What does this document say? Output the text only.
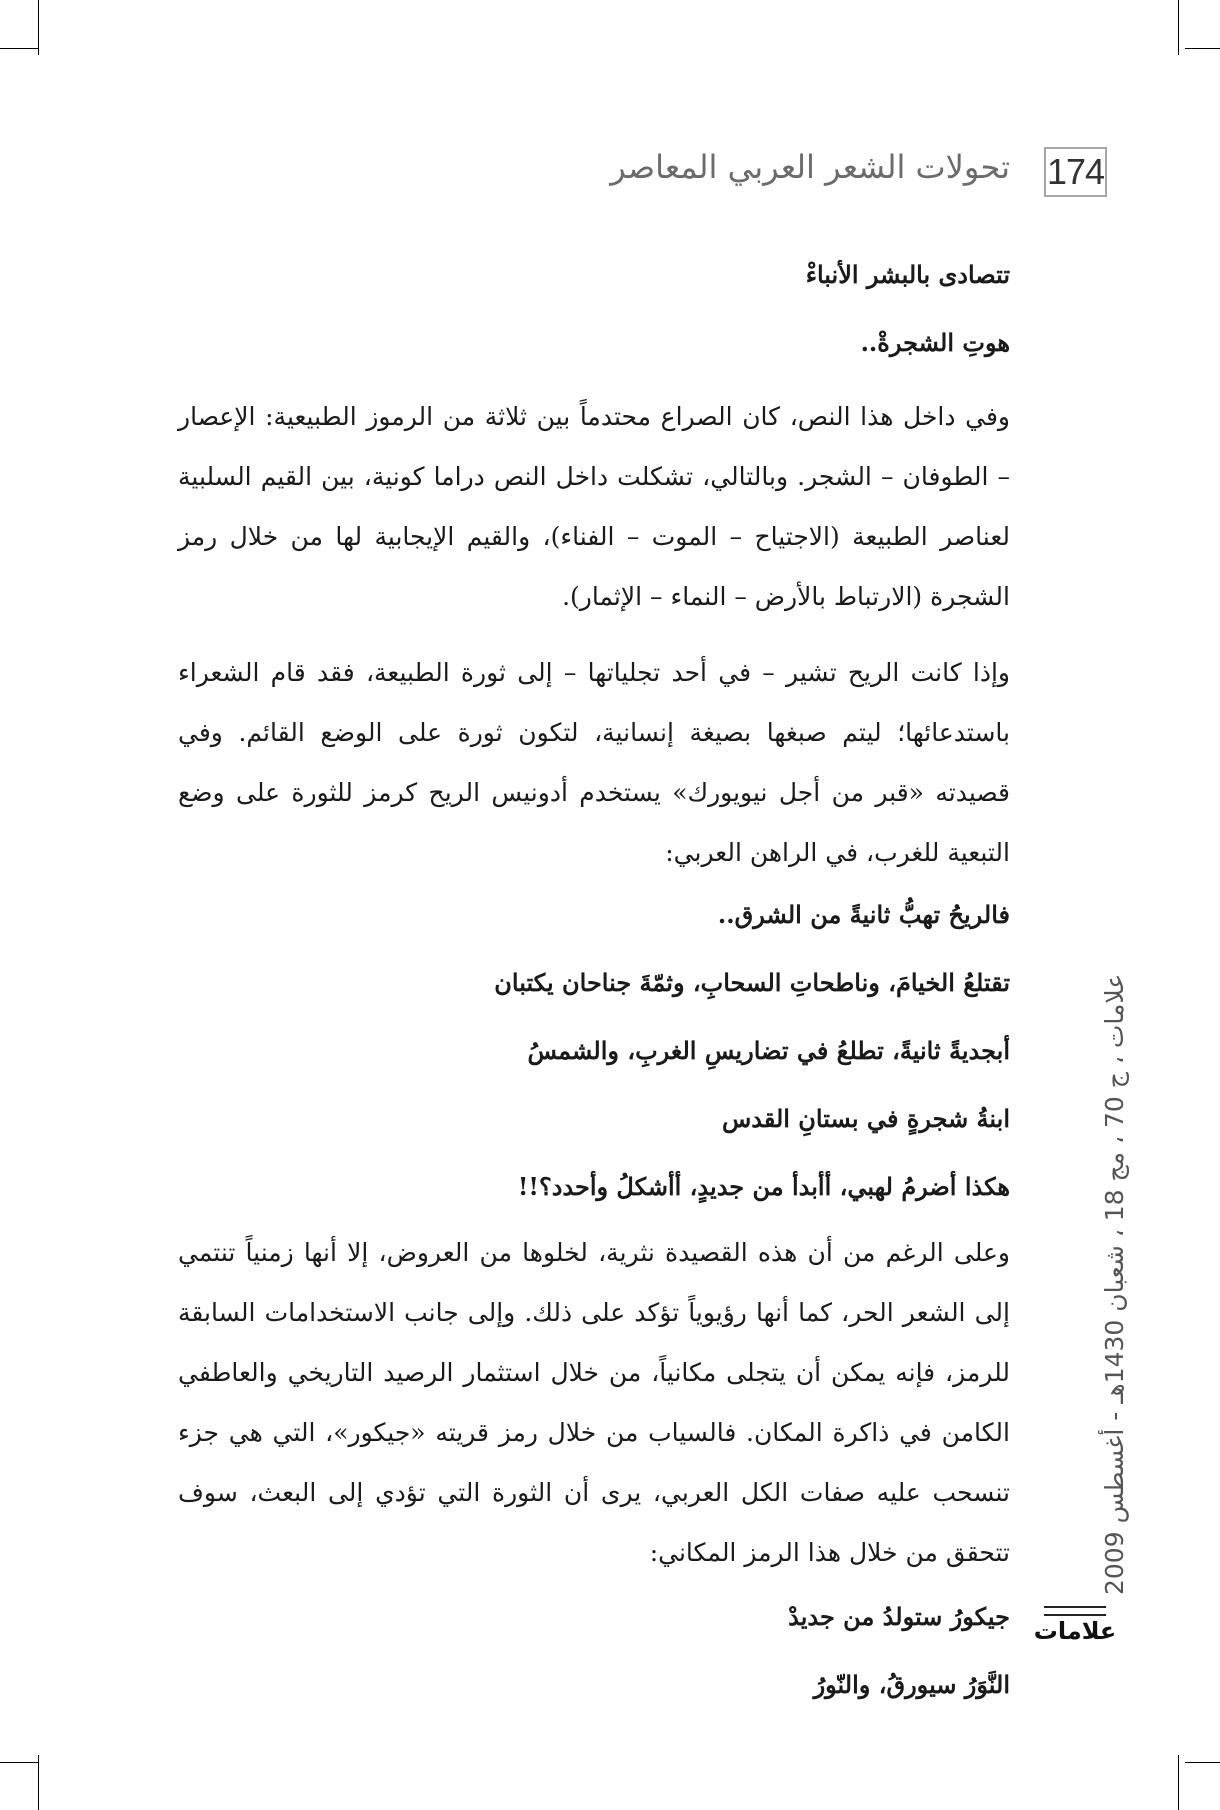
174
تحولات الشعر العربي المعاصر
تتصادى بالبشر الأنباءْ
هوتِ الشجرةْ..
وفي داخل هذا النص، كان الصراع محتدماً بين ثلاثة من الرموز الطبيعية: الإعصار – الطوفان – الشجر. وبالتالي، تشكلت داخل النص دراما كونية، بين القيم السلبية لعناصر الطبيعة (الاجتياح – الموت – الفناء)، والقيم الإيجابية لها من خلال رمز الشجرة (الارتباط بالأرض – النماء – الإثمار).
وإذا كانت الريح تشير – في أحد تجلياتها – إلى ثورة الطبيعة، فقد قام الشعراء باستدعائها؛ ليتم صبغها بصيغة إنسانية، لتكون ثورة على الوضع القائم. وفي قصيدته «قبر من أجل نيويورك» يستخدم أدونيس الريح كرمز للثورة على وضع التبعية للغرب، في الراهن العربي:
فالريحُ تهبُّ ثانيةً من الشرق..
تقتلعُ الخيامَ، وناطحاتِ السحابِ، وثمّةَ جناحان يكتبان
أبجديةً ثانيةً، تطلعُ في تضاريسِ الغربِ، والشمسُ
ابنةُ شجرةٍ في بستانِ القدس
هكذا أضرمُ لهبي، أأبدأ من جديدٍ، أأشكلُ وأحدد؟!!
وعلى الرغم من أن هذه القصيدة نثرية، لخلوها من العروض، إلا أنها زمنياً تنتمي إلى الشعر الحر، كما أنها رؤيوياً تؤكد على ذلك. وإلى جانب الاستخدامات السابقة للرمز، فإنه يمكن أن يتجلى مكانياً، من خلال استثمار الرصيد التاريخي والعاطفي الكامن في ذاكرة المكان. فالسياب من خلال رمز قريته «جيكور»، التي هي جزء تنسحب عليه صفات الكل العربي، يرى أن الثورة التي تؤدي إلى البعث، سوف تتحقق من خلال هذا الرمز المكاني:
جيكورُ ستولدُ من جديدْ
النَّوَرُ سيورقُ، والنّورُ
علامات ، ج 70 ، مج 18 ، شعبان 1430هـ - أغسطس 2009
علامات
